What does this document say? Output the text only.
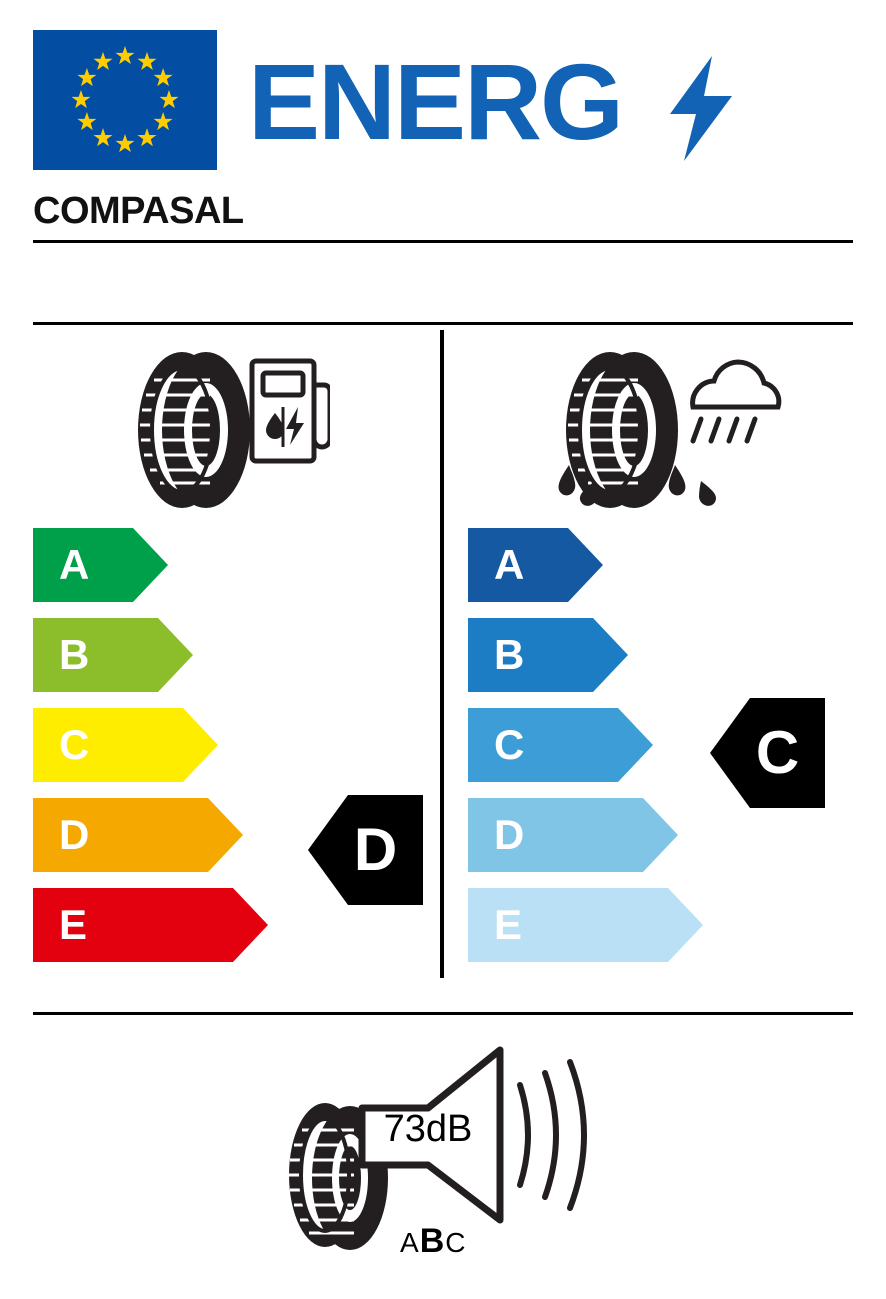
ENERG
COMPASAL
A
B
C
D
E
D
A
B
C
D
E
C
73dB
ABC
